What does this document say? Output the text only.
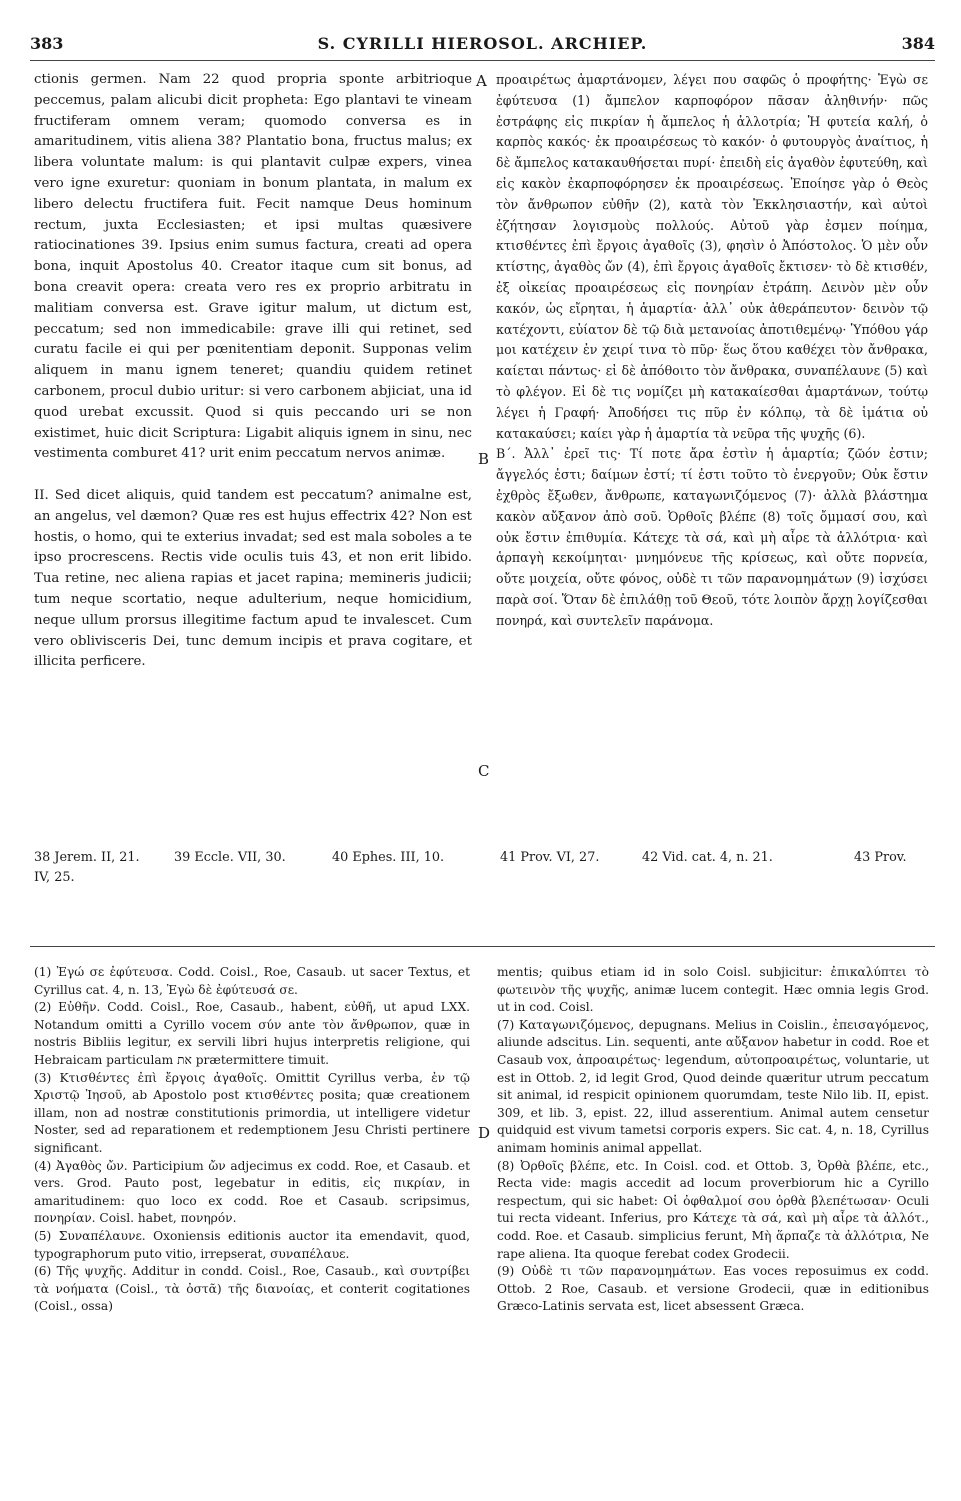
383	S. CYRILLI HIEROSOL. ARCHIEP.	384
ctionis germen. Nam 22 quod propria sponte arbitrioque peccemus, palam alicubi dicit propheta: Ego plantavi te vineam fructiferam omnem veram; quomodo conversa es in amaritudinem, vitis aliena 38? Plantatio bona, fructus malus; ex libera voluntate malum: is qui plantavit culpæ expers, vinea vero igne exuretur: quoniam in bonum plantata, in malum ex libero delectu fructifera fuit. Fecit namque Deus hominum rectum, juxta Ecclesiasten; et ipsi multas quæsivere ratiocinationes 39. Ipsius enim sumus factura, creati ad opera bona, inquit Apostolus 40. Creator itaque cum sit bonus, ad bona creavit opera: creata vero res ex proprio arbitratu in malitiam conversa est. Grave igitur malum, ut dictum est, peccatum; sed non immedicabile: grave illi qui retinet, sed curatu facile ei qui per pœnitentiam deponit. Supponas velim aliquem in manu ignem teneret; quandiu quidem retinet carbonem, procul dubio uritur: si vero carbonem abjiciat, una id quod urebat excussit. Quod si quis peccando uri se non existimet, huic dicit Scriptura: Ligabit aliquis ignem in sinu, nec vestimenta comburet 41? urit enim peccatum nervos animæ.

II. Sed dicet aliquis, quid tandem est peccatum? animalne est, an angelus, vel dæmon? Quæ res est hujus effectrix 42? Non est hostis, o homo, qui te exterius invadat; sed est mala soboles a te ipso procrescens. Rectis vide oculis tuis 43, et non erit libido. Tua retine, nec aliena rapias et jacet rapina; memineris judicii; tum neque scortatio, neque adulterium, neque homicidium, neque ullum prorsus illegitime factum apud te invalescet. Cum vero oblivisceris Dei, tunc demum incipis et prava cogitare, et illicita perficere.
προαιρέτως ἁμαρτάνομεν, λέγει που σαφῶς ὁ προφήτης· Ἐγὼ σε ἐφύτευσα (1) ἄμπελον καρποφόρον πᾶσαν ἀληθινήν· πῶς ἐστράφης εἰς πικρίαν ἡ ἄμπελος ἡ ἀλλοτρία; Ἡ φυτεία καλή, ὁ καρπὸς κακός· ἐκ προαιρέσεως τὸ κακόν· ὁ φυτουργὸς ἀναίτιος, ἡ δὲ ἄμπελος κατακαυθήσεται πυρί· ἐπειδὴ εἰς ἀγαθὸν ἐφυτεύθη, καὶ εἰς κακὸν ἐκαρποφόρησεν ἐκ προαιρέσεως. Ἐποίησε γὰρ ὁ Θεὸς τὸν ἄνθρωπον εὐθῆν (2), κατὰ τὸν Ἐκκλησιαστήν, καὶ αὐτοὶ ἐζήτησαν λογισμοὺς πολλούς. Αὐτοῦ γὰρ ἐσμεν ποίημα, κτισθέντες ἐπὶ ἔργοις ἀγαθοῖς (3), φησὶν ὁ Ἀπόστολος. Ὁ μὲν οὖν κτίστης, ἀγαθὸς ὤν (4), ἐπὶ ἔργοις ἀγαθοῖς ἔκτισεν· τὸ δὲ κτισθέν, ἐξ οἰκείας προαιρέσεως εἰς πονηρίαν ἐτράπη. Δεινὸν μὲν οὖν κακόν, ὡς εἴρηται, ἡ ἁμαρτία· ἀλλ᾽ οὐκ ἀθεράπευτον· δεινὸν τῷ κατέχοντι, εὐίατον δὲ τῷ διὰ μετανοίας ἀποτιθεμένῳ· Ὑπόθου γάρ μοι κατέχειν ἐν χειρί τινα τὸ πῦρ· ἕως ὅτου καθέχει τὸν ἄνθρακα, καίεται πάντως· εἰ δὲ ἀπόθοιτο τὸν ἄνθρακα, συναπέλαυνε (5) καὶ τὸ φλέγον. Εἰ δὲ τις νομίζει μὴ κατακαίεσθαι ἁμαρτάνων, τούτῳ λέγει ἡ Γραφή· Ἀποδήσει τις πῦρ ἐν κόλπῳ, τὰ δὲ ἱμάτια οὐ κατακαύσει; καίει γὰρ ἡ ἁμαρτία τὰ νεῦρα τῆς ψυχῆς (6).
Β´. Ἀλλ᾽ ἐρεῖ τις· Τί ποτε ἄρα ἐστὶν ἡ ἁμαρτία; ζῶόν ἐστιν; ἄγγελός ἐστι; δαίμων ἐστί; τί ἐστι τοῦτο τὸ ἐνεργοῦν; Οὐκ ἔστιν ἐχθρὸς ἔξωθεν, ἄνθρωπε, καταγωνιζόμενος (7)· ἀλλὰ βλάστημα κακὸν αὔξανον ἀπὸ σοῦ. Ὀρθοῖς βλέπε (8) τοῖς ὄμμασί σου, καὶ οὐκ ἔστιν ἐπιθυμία. Κάτεχε τὰ σά, καὶ μὴ αἶρε τὰ ἀλλότρια· καὶ ἁρπαγὴ κεκοίμηται· μνημόνευε τῆς κρίσεως, καὶ οὔτε πορνεία, οὔτε μοιχεία, οὔτε φόνος, οὐδὲ τι τῶν παρανομημάτων (9) ἰσχύσει παρὰ σοί. Ὅταν δὲ ἐπιλάθῃ τοῦ Θεοῦ, τότε λοιπὸν ἄρχῃ λογίζεσθαι πονηρά, καὶ συντελεῖν παράνομα.
A
B
C
D
38 Jerem. II, 21.	39 Eccle. VII, 30.	40 Ephes. III, 10.	41 Prov. VI, 27.	42 Vid. cat. 4, n. 21.	43 Prov.
IV, 25.
(1) Ἐγώ σε ἐφύτευσα. Codd. Coisl., Roe, Casaub. ut sacer Textus, et Cyrillus cat. 4, n. 13, Ἐγὼ δὲ ἐφύτευσά σε.
(2) Εὐθῆν. Codd. Coisl., Roe, Casaub., habent, εὐθῆ, ut apud LXX. Notandum omitti a Cyrillo vocem σύν ante τὸν ἄνθρωπον, quæ in nostris Bibliis legitur, ex servili libri hujus interpretis religione, qui Hebraicam particulam את prætermittere timuit.
(3) Κτισθέντες ἐπὶ ἔργοις ἀγαθοῖς. Omittit Cyrillus verba, ἐν τῷ Χριστῷ Ἰησοῦ, ab Apostolo post κτισθέντες posita; quæ creationem illam, non ad nostræ constitutionis primordia, ut intelligere videtur Noster, sed ad reparationem et redemptionem Jesu Christi pertinere significant.
(4) Ἀγαθὸς ὤν. Participium ὤν adjecimus ex codd. Roe, et Casaub. et vers. Grod. Pauto post, legebatur in editis, εἰς πικρίαν, in amaritudinem: quo loco ex codd. Roe et Casaub. scripsimus, πονηρίαν. Coisl. habet, πονηρόν.
(5) Συναπέλαυνε. Oxoniensis editionis auctor ita emendavit, quod, typographorum puto vitio, irrepserat, συναπέλαυε.
(6) Τῆς ψυχῆς. Additur in condd. Coisl., Roe, Casaub., καὶ συντρίβει τὰ νοήματα (Coisl., τὰ ὀστᾶ) τῆς διανοίας, et conterit cogitationes (Coisl., ossa)
mentis; quibus etiam id in solo Coisl. subjicitur: ἐπικαλύπτει τὸ φωτεινὸν τῆς ψυχῆς, animæ lucem contegit. Hæc omnia legis Grod. ut in cod. Coisl.
(7) Καταγωνιζόμενος, depugnans. Melius in Coislin., ἐπεισαγόμενος, aliunde adscitus. Lin. sequenti, ante αὔξανον habetur in codd. Roe et Casaub vox, ἀπροαιρέτως· legendum, αὐτοπροαιρέτως, voluntarie, ut est in Ottob. 2, id legit Grod, Quod deinde quæritur utrum peccatum sit animal, id respicit opinionem quorumdam, teste Nilo lib. II, epist. 309, et lib. 3, epist. 22, illud asserentium. Animal autem censetur quidquid est vivum tametsi corporis expers. Sic cat. 4, n. 18, Cyrillus animam hominis animal appellat.
(8) Ὀρθοῖς βλέπε, etc. In Coisl. cod. et Ottob. 3, Ὀρθὰ βλέπε, etc., Recta vide: magis accedit ad locum proverbiorum hic a Cyrillo respectum, qui sic habet: Οἱ ὀφθαλμοί σου ὀρθὰ βλεπέτωσαν· Oculi tui recta videant. Inferius, pro Κάτεχε τὰ σά, καὶ μὴ αἶρε τὰ ἀλλότ., codd. Roe. et Casaub. simplicius ferunt, Μὴ ἅρπαζε τὰ ἀλλότρια, Ne rape aliena. Ita quoque ferebat codex Grodecii.
(9) Οὐδὲ τι τῶν παρανομημάτων. Eas voces reposuimus ex codd. Ottob. 2 Roe, Casaub. et versione Grodecii, quæ in editionibus Græco-Latinis servata est, licet absessent Græca.
